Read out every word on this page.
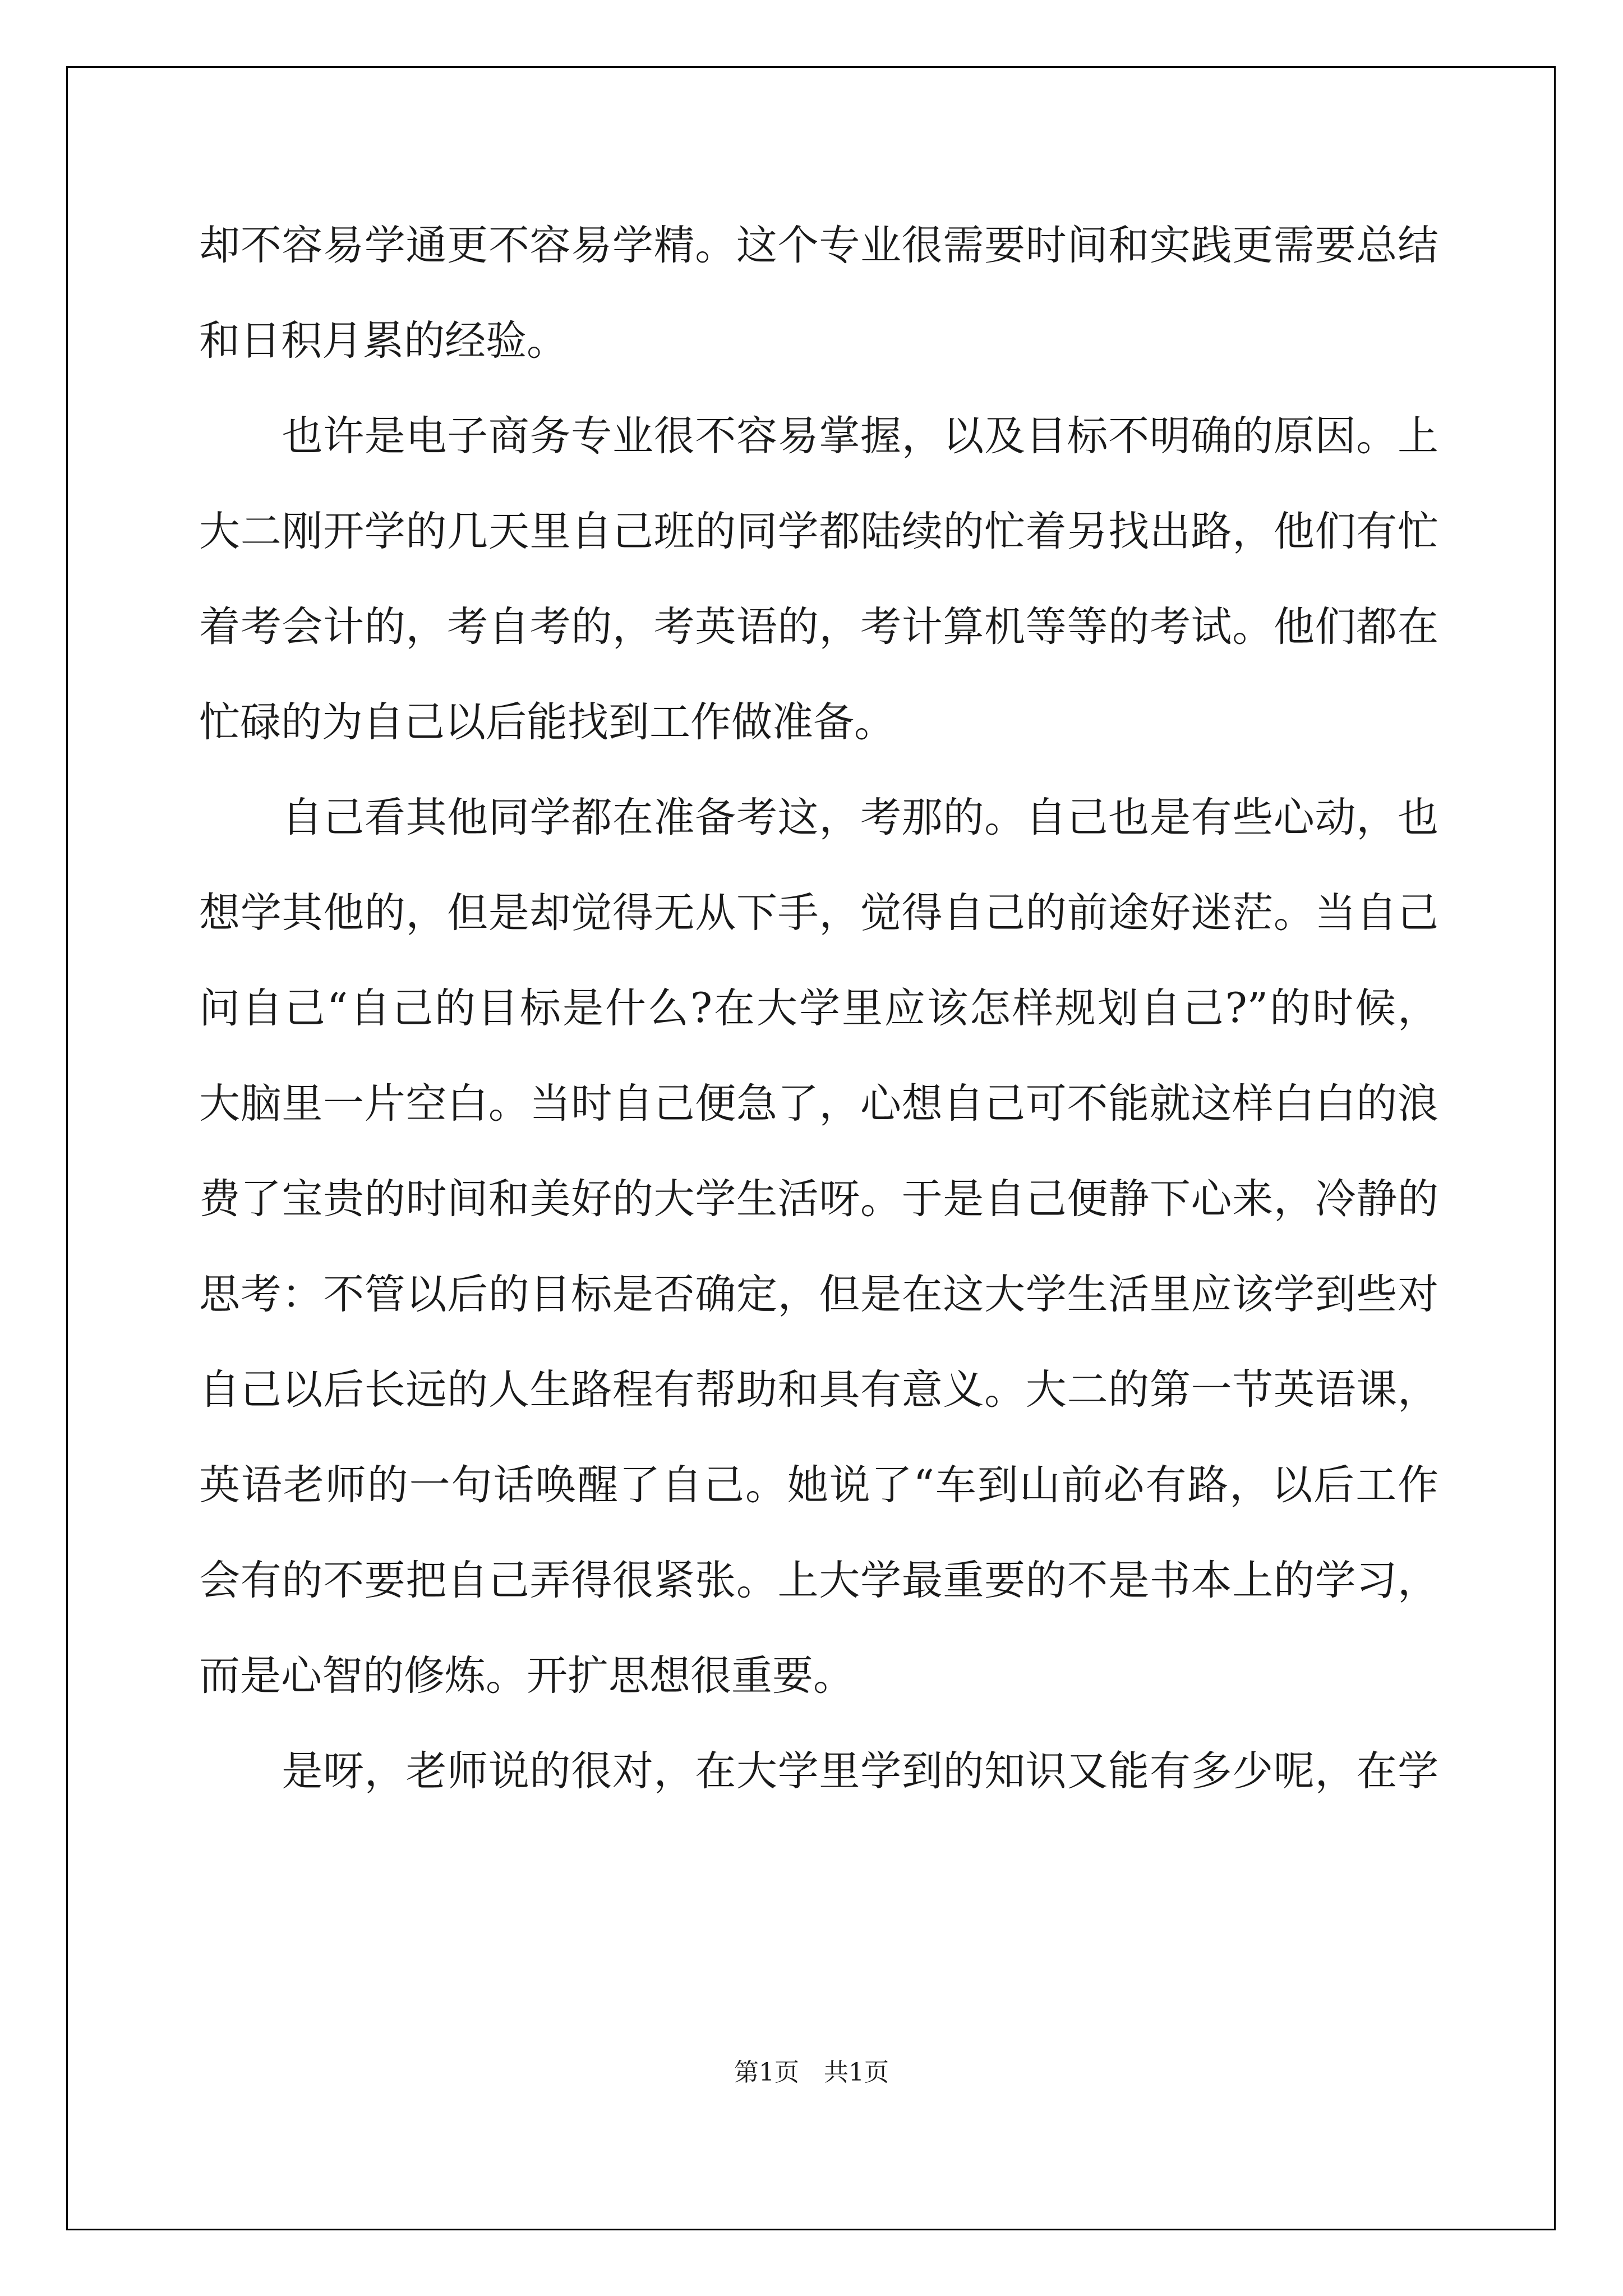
却不容易学通更不容易学精。这个专业很需要时间和实践更需要总结
和日积月累的经验。
　　也许是电子商务专业很不容易掌握，以及目标不明确的原因。上
大二刚开学的几天里自己班的同学都陆续的忙着另找出路，他们有忙
着考会计的，考自考的，考英语的，考计算机等等的考试。他们都在
忙碌的为自己以后能找到工作做准备。
　　自己看其他同学都在准备考这，考那的。自己也是有些心动，也
想学其他的，但是却觉得无从下手，觉得自己的前途好迷茫。当自己
问自己“自己的目标是什么?在大学里应该怎样规划自己?”的时候，
大脑里一片空白。当时自己便急了，心想自己可不能就这样白白的浪
费了宝贵的时间和美好的大学生活呀。于是自己便静下心来，冷静的
思考：不管以后的目标是否确定，但是在这大学生活里应该学到些对
自己以后长远的人生路程有帮助和具有意义。大二的第一节英语课，
英语老师的一句话唤醒了自己。她说了“车到山前必有路，以后工作
会有的不要把自己弄得很紧张。上大学最重要的不是书本上的学习，
而是心智的修炼。开扩思想很重要。
　　是呀，老师说的很对，在大学里学到的知识又能有多少呢，在学
第1页　共1页
